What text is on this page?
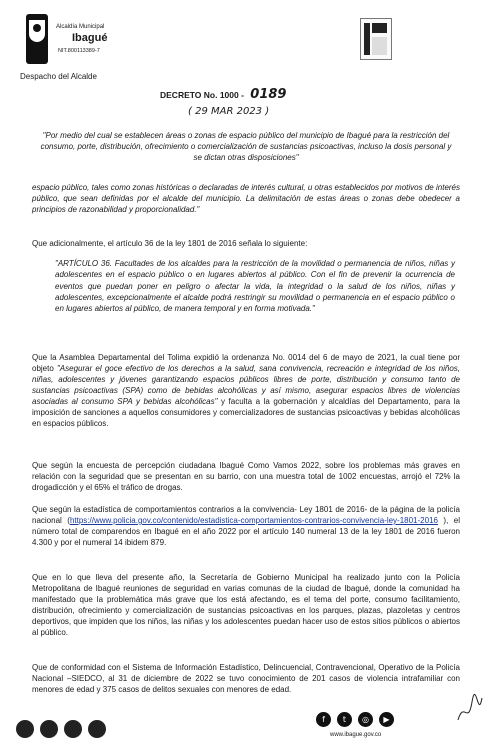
Alcaldía Municipal
Ibagué
NIT.800113389-7
Despacho del Alcalde
DECRETO No. 1000 - 0189
( 29 MAR 2023 )
"Por medio del cual se establecen áreas o zonas de espacio público del municipio de Ibagué para la restricción del consumo, porte, distribución, ofrecimiento o comercialización de sustancias psicoactivas, incluso la dosis personal y se dictan otras disposiciones"
espacio público, tales como zonas históricas o declaradas de interés cultural, u otras establecidos por motivos de interés público, que sean definidas por el alcalde del municipio. La delimitación de estas áreas o zonas debe obedecer a principios de razonabilidad y proporcionalidad."
Que adicionalmente, el artículo 36 de la ley 1801 de 2016 señala lo siguiente:
"ARTÍCULO 36. Facultades de los alcaldes para la restricción de la movilidad o permanencia de niños, niñas y adolescentes en el espacio público o en lugares abiertos al público. Con el fin de prevenir la ocurrencia de eventos que puedan poner en peligro o afectar la vida, la integridad o la salud de los niños, niñas y adolescentes, excepcionalmente el alcalde podrá restringir su movilidad o permanencia en el espacio público o en lugares abiertos al público, de manera temporal y en forma motivada."
Que la Asamblea Departamental del Tolima expidió la ordenanza No. 0014 del 6 de mayo de 2021, la cual tiene por objeto "Asegurar el goce efectivo de los derechos a la salud, sana convivencia, recreación e integridad de los niños, niñas, adolescentes y jóvenes garantizando espacios públicos libres de porte, distribución y consumo tanto de sustancias psicoactivas (SPA) como de bebidas alcohólicas y así mismo, asegurar espacios libres de violencias asociadas al consumo SPA y bebidas alcohólicas" y faculta a la gobernación y alcaldías del Departamento, para la imposición de sanciones a aquellos consumidores y comercializadores de sustancias psicoactivas y bebidas alcohólicas en espacios públicos.
Que según la encuesta de percepción ciudadana Ibagué Como Vamos 2022, sobre los problemas más graves en relación con la seguridad que se presentan en su barrio, con una muestra total de 1002 encuestas, arrojó el 72% la drogadicción y el 65% el tráfico de drogas.
Que según la estadística de comportamientos contrarios a la convivencia- Ley 1801 de 2016- de la página de la policía nacional (https://www.policia.gov.co/contenido/estadistica-comportamientos-contrarios-convivencia-ley-1801-2016 ), el número total de comparendos en Ibagué en el año 2022 por el artículo 140 numeral 13 de la ley 1801 de 2016 fueron 4.300 y por el numeral 14 ibidem 879.
Que en lo que lleva del presente año, la Secretaría de Gobierno Municipal ha realizado junto con la Policía Metropolitana de Ibagué reuniones de seguridad en varias comunas de la ciudad de Ibagué, donde la comunidad ha manifestado que la problemática más grave que los está afectando, es el tema del porte, consumo facilitamiento, distribución, ofrecimiento y comercialización de sustancias psicoactivas en los parques, plazas, plazoletas y centros deportivos, que impiden que los niños, las niñas y los adolescentes puedan hacer uso de estos sitios públicos o abiertos al público.
Que de conformidad con el Sistema de Información Estadístico, Delincuencial, Contravencional, Operativo de la Policía Nacional –SIEDCO, al 31 de diciembre de 2022 se tuvo conocimiento de 201 casos de violencia intrafamiliar con menores de edad y 375 casos de delitos sexuales con menores de edad.
f	t	◎	▶
www.ibague.gov.co
